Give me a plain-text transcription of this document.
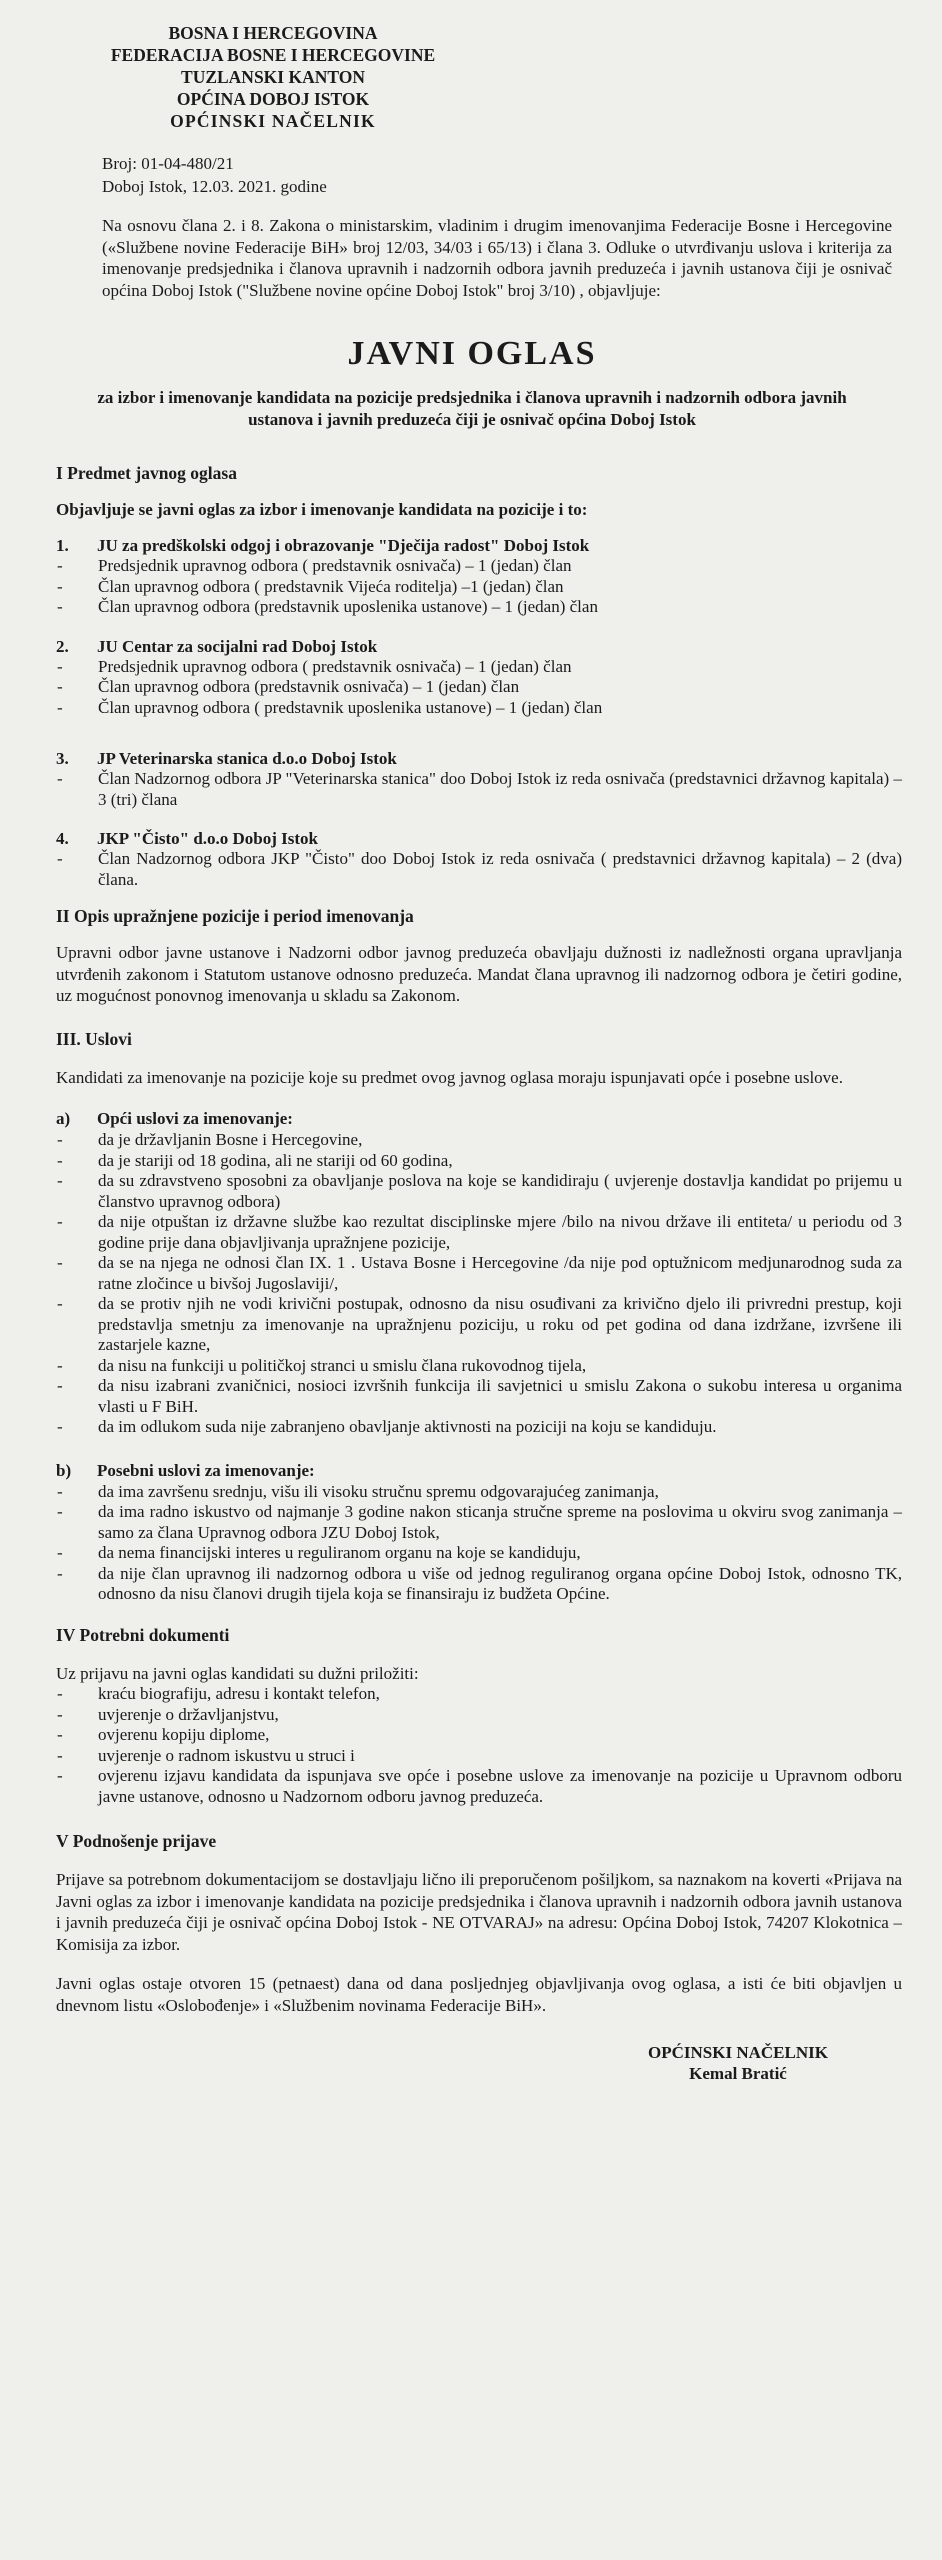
BOSNA I HERCEGOVINA
FEDERACIJA BOSNE I HERCEGOVINE
TUZLANSKI KANTON
OPĆINA DOBOJ ISTOK
OPĆINSKI NAČELNIK
Broj: 01-04-480/21
Doboj Istok, 12.03. 2021. godine

Na osnovu člana 2. i 8. Zakona o ministarskim, vladinim i drugim imenovanjima Federacije Bosne i Hercegovine («Službene novine Federacije BiH» broj 12/03, 34/03 i 65/13) i člana 3. Odluke o utvrđivanju uslova i kriterija za imenovanje predsjednika i članova upravnih i nadzornih odbora javnih preduzeća i javnih ustanova čiji je osnivač općina Doboj Istok ("Službene novine općine Doboj Istok" broj 3/10) , objavljuje:

JAVNI OGLAS
za izbor i imenovanje kandidata na pozicije predsjednika i članova upravnih i nadzornih odbora javnih ustanova i javnih preduzeća čiji je osnivač općina Doboj Istok
I Predmet javnog oglasa
Objavljuje se javni oglas za izbor i imenovanje kandidata na pozicije i to:
1.	JU za predškolski odgoj i obrazovanje "Dječija radost" Doboj Istok
-	Predsjednik upravnog odbora ( predstavnik osnivača) – 1 (jedan) član
-	Član upravnog odbora ( predstavnik Vijeća roditelja) –1 (jedan) član
-	Član upravnog odbora (predstavnik uposlenika ustanove) – 1 (jedan) član
2.	JU Centar za socijalni rad Doboj Istok
-	Predsjednik upravnog odbora ( predstavnik osnivača) – 1 (jedan) član
-	Član upravnog odbora (predstavnik osnivača) – 1 (jedan) član
-	Član upravnog odbora ( predstavnik uposlenika ustanove) – 1 (jedan) član
3.	JP Veterinarska stanica d.o.o Doboj Istok
-	Član Nadzornog odbora JP "Veterinarska stanica" doo Doboj Istok iz reda osnivača (predstavnici državnog kapitala) – 3 (tri) člana
4.	JKP "Čisto" d.o.o Doboj Istok
-	Član Nadzornog odbora JKP "Čisto" doo Doboj Istok iz reda osnivača ( predstavnici državnog kapitala) – 2 (dva) člana.
II Opis upražnjene pozicije i period imenovanja

Upravni odbor javne ustanove i Nadzorni odbor javnog preduzeća obavljaju dužnosti iz nadležnosti organa upravljanja utvrđenih zakonom i Statutom ustanove odnosno preduzeća. Mandat člana upravnog ili nadzornog odbora je četiri godine, uz mogućnost ponovnog imenovanja u skladu sa Zakonom.

III. Uslovi

Kandidati za imenovanje na pozicije koje su predmet ovog javnog oglasa moraju ispunjavati opće i posebne uslove.

a)	Opći uslovi za imenovanje:
-	da je državljanin Bosne i Hercegovine,
-	da je stariji od 18 godina, ali ne stariji od 60 godina,
-	da su zdravstveno sposobni za obavljanje poslova na koje se kandidiraju ( uvjerenje dostavlja kandidat po prijemu u članstvo upravnog odbora)
-	da nije otpuštan iz državne službe kao rezultat disciplinske mjere /bilo na nivou države ili entiteta/ u periodu od 3 godine prije dana objavljivanja upražnjene pozicije,
-	da se na njega ne odnosi član IX. 1 . Ustava Bosne i Hercegovine /da nije pod optužnicom medjunarodnog suda za ratne zločince u bivšoj Jugoslaviji/,
-	da se protiv njih ne vodi krivični postupak, odnosno da nisu osuđivani za krivično djelo ili privredni prestup, koji predstavlja smetnju za imenovanje na upražnjenu poziciju, u roku od pet godina od dana izdržane, izvršene ili zastarjele kazne,
-	da nisu na funkciji u političkoj stranci u smislu člana rukovodnog tijela,
-	da nisu izabrani zvaničnici, nosioci izvršnih funkcija ili savjetnici u smislu Zakona o sukobu interesa u organima vlasti u F BiH.
-	da im odlukom suda nije zabranjeno obavljanje aktivnosti na poziciji na koju se kandiduju.
b)	Posebni uslovi za imenovanje:
-	da ima završenu srednju, višu ili visoku stručnu spremu odgovarajućeg zanimanja,
-	da ima radno iskustvo od najmanje 3 godine nakon sticanja stručne spreme na poslovima u okviru svog zanimanja – samo za člana Upravnog odbora JZU Doboj Istok,
-	da nema financijski interes u reguliranom organu na koje se kandiduju,
-	da nije član upravnog ili nadzornog odbora u više od jednog reguliranog organa općine Doboj Istok, odnosno TK, odnosno da nisu članovi drugih tijela koja se finansiraju iz budžeta Općine.
IV Potrebni dokumenti

Uz prijavu na javni oglas kandidati su dužni priložiti:

-	kraću biografiju, adresu i kontakt telefon,
-	uvjerenje o državljanjstvu,
-	ovjerenu kopiju diplome,
-	uvjerenje o radnom iskustvu u struci i
-	ovjerenu izjavu kandidata da ispunjava sve opće i posebne uslove za imenovanje na pozicije u Upravnom odboru javne ustanove, odnosno u Nadzornom odboru javnog preduzeća.
V Podnošenje prijave

Prijave sa potrebnom dokumentacijom se dostavljaju lično ili preporučenom pošiljkom, sa naznakom na koverti «Prijava na Javni oglas za izbor i imenovanje kandidata na pozicije predsjednika i članova upravnih i nadzornih odbora javnih ustanova i javnih preduzeća čiji je osnivač općina Doboj Istok - NE OTVARAJ» na adresu: Općina Doboj Istok, 74207 Klokotnica – Komisija za izbor.

Javni oglas ostaje otvoren 15 (petnaest) dana od dana posljednjeg objavljivanja ovog oglasa, a isti će biti objavljen u dnevnom listu «Oslobođenje» i «Službenim novinama Federacije BiH».

OPĆINSKI NAČELNIK
Kemal Bratić
